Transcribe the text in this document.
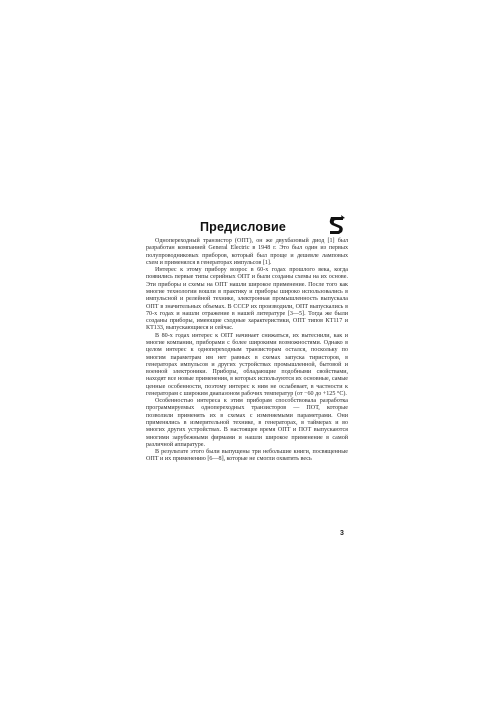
Предисловие

Однопереходный транзистор (ОПТ), он же двухбазовый диод [1] был разработан компанией General Electric в 1948 г. Это был один из первых полупроводниковых приборов, который был проще и дешевле ламповых схем и применялся в генераторах импульсов [1].

Интерес к этому прибору возрос в 60-х годах прошлого века, когда появились первые типы серийных ОПТ и были созданы схемы на их основе. Эти приборы и схемы на ОПТ нашли широкое применение. После того как многие технологии вошли в практику и приборы широко использовались в импульсной и релейной технике, электронная промышленность выпускала ОПТ в значительных объемах. В СССР их производили, ОПТ выпускались в 70-х годах и нашли отражение в нашей литературе [3—5]. Тогда же были созданы приборы, имеющие сходные характеристики, ОПТ типов КТ117 и КТ133, выпускающиеся и сейчас.

В 80-х годах интерес к ОПТ начинает снижаться, их вытеснили, как и многие компании, приборами с более широкими возможностями. Однако в целом интерес к однопереходным транзисторам остался, поскольку по многим параметрам им нет равных в схемах запуска тиристоров, в генераторах импульсов и других устройствах промышленной, бытовой и военной электроники. Приборы, обладающие подобными свойствами, находят все новые применения, в которых используются их основные, самые ценные особенности, поэтому интерес к ним не ослабевает, в частности к генераторам с широким диапазоном рабочих температур (от −60 до +125 °С).

Особенностью интереса к этим приборам способствовала разработка программируемых однопереходных транзисторов — ПОТ, которые позволили применять их в схемах с изменяемыми параметрами. Они применялись в измерительной технике, в генераторах, в таймерах и во многих других устройствах. В настоящее время ОПТ и ПОТ выпускаются многими зарубежными фирмами и нашли широкое применение в самой различной аппаратуре.

В результате этого были выпущены три небольшие книги, посвященные ОПТ и их применению [6—8], которые не смогли охватить весь

3
